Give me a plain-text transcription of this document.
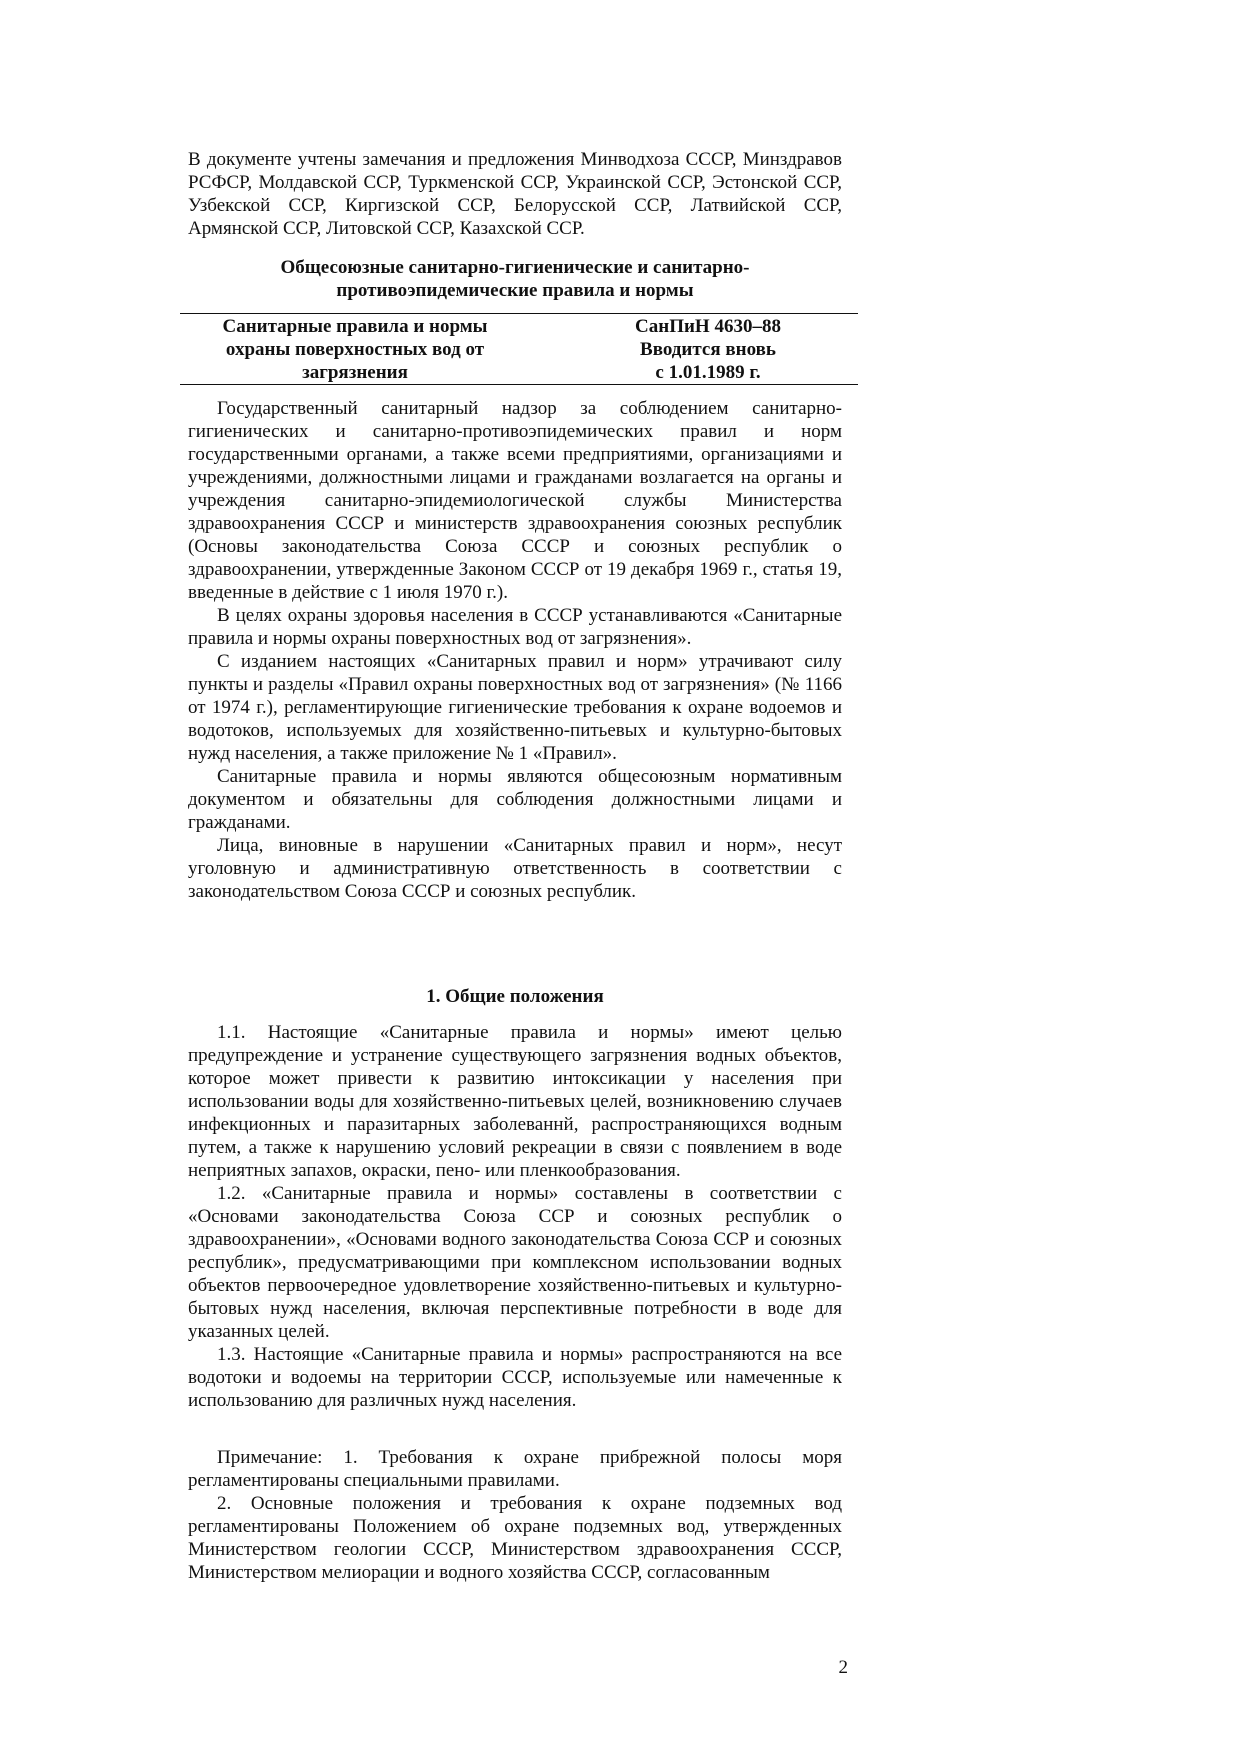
В документе учтены замечания и предложения Минводхоза СССР, Минздравов РСФСР, Молдавской ССР, Туркменской ССР, Украинской ССР, Эстонской ССР, Узбекской ССР, Киргизской ССР, Белорусской ССР, Латвийской ССР, Армянской ССР, Литовской ССР, Казахской ССР.

Общесоюзные санитарно-гигиенические и санитарно-противоэпидемические правила и нормы
Санитарные правила и нормы
охраны поверхностных вод от
загрязнения
СанПиН 4630–88
Вводится вновь
с 1.01.1989 г.

Государственный санитарный надзор за соблюдением санитарно-гигиенических и санитарно-противоэпидемических правил и норм государственными органами, а также всеми предприятиями, организациями и учреждениями, должностными лицами и гражданами возлагается на органы и учреждения санитарно-эпидемиологической службы Министерства здравоохранения СССР и министерств здравоохранения союзных республик (Основы законодательства Союза СССР и союзных республик о здравоохранении, утвержденные Законом СССР от 19 декабря 1969 г., статья 19, введенные в действие с 1 июля 1970 г.).

В целях охраны здоровья населения в СССР устанавливаются «Санитарные правила и нормы охраны поверхностных вод от загрязнения».

С изданием настоящих «Санитарных правил и норм» утрачивают силу пункты и разделы «Правил охраны поверхностных вод от загрязнения» (№ 1166 от 1974 г.), регламентирующие гигиенические требования к охране водоемов и водотоков, используемых для хозяйственно-питьевых и культурно-бытовых нужд населения, а также приложение № 1 «Правил».

Санитарные правила и нормы являются общесоюзным нормативным документом и обязательны для соблюдения должностными лицами и гражданами.

Лица, виновные в нарушении «Санитарных правил и норм», несут уголовную и административную ответственность в соответствии с законодательством Союза СССР и союзных республик.

1. Общие положения

1.1. Настоящие «Санитарные правила и нормы» имеют целью предупреждение и устранение существующего загрязнения водных объектов, которое может привести к развитию интоксикации у населения при использовании воды для хозяйственно-питьевых целей, возникновению случаев инфекционных и паразитарных заболеваннй, распространяющихся водным путем, а также к нарушению условий рекреации в связи с появлением в воде неприятных запахов, окраски, пено- или пленкообразования.

1.2. «Санитарные правила и нормы» составлены в соответствии с «Основами законодательства Союза ССР и союзных республик о здравоохранении», «Основами водного законодательства Союза ССР и союзных республик», предусматривающими при комплексном использовании водных объектов первоочередное удовлетворение хозяйственно-питьевых и культурно-бытовых нужд населения, включая перспективные потребности в воде для указанных целей.

1.3. Настоящие «Санитарные правила и нормы» распространяются на все водотоки и водоемы на территории СССР, используемые или намеченные к использованию для различных нужд населения.

Примечание: 1. Требования к охране прибрежной полосы моря регламентированы специальными правилами.

2. Основные положения и требования к охране подземных вод регламентированы Положением об охране подземных вод, утвержденных Министерством геологии СССР, Министерством здравоохранения СССР, Министерством мелиорации и водного хозяйства СССР, согласованным

2
